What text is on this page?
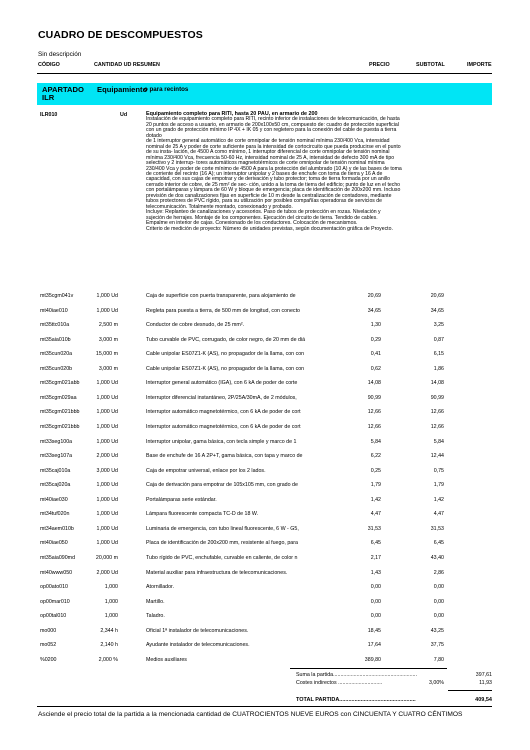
CUADRO DE DESCOMPUESTOS
Sin descripción
CÓDIGO	CANTIDAD UD RESUMEN	PRECIO	SUBTOTAL	IMPORTE
APARTADO ILR
Equipamiento
o para recintos
ILR010	Ud	Equipamiento completo para RITI, hasta 20 PAU, en armario de 200
Instalación de equipamiento completo para RITI, recinto inferior de instalaciones de telecomunicación, de hasta
20 puntos de acceso a usuario, en armario de 200x100x50 cm, compuesto de: cuadro de protección superficial
con un grado de protección mínimo IP 4X + IK 05 y con regletero para la conexión del cable de puesta a tierra
dotado
de 1 interruptor general automático de corte omnipolar de tensión nominal mínima 230/400 Vca, intensidad
nominal de 25 A y poder de corte suficiente para la intensidad de cortocircuito que pueda producirse en el punto
de su insta- lación, de 4500 A como mínimo, 1 interruptor diferencial de corte omnipolar de tensión nominal
mínima 230/400 Vca, frecuencia 50-60 Hz, intensidad nominal de 25 A, intensidad de defecto 300 mA de tipo
selectivo y 2 interrup- tores automáticos magnetotérmicos de corte omnipolar de tensión nominal mínima
230/400 Vca y poder de corte mínimo de 4500 A para la protección del alumbrado (10 A) y de las bases de toma
de corriente del recinto (16 A); un interruptor unipolar y 2 bases de enchufe con toma de tierra y 16 A de
capacidad, con sus cajas de empotrar y de derivación y tubo protector; toma de tierra formada por un anillo
cerrado interior de cobre, de 25 mm² de sec- ción, unido a la toma de tierra del edificio; punto de luz en el techo
con portalámparas y lámpara de 60 W y bloque de emergencia; placa de identificación de 200x200 mm. Incluso
previsión de dos canalizaciones fijas en superficie de 10 m desde la centralización de contadores, mediante
tubos protectores de PVC rígido, para su utilización por posibles compañías operadoras de servicios de
telecomunicación. Totalmente montado, conexionado y probado.
Incluye: Replanteo de canalizaciones y accesorios. Paso de tubos de protección en rozas. Nivelación y
sujeción de herrajes. Montaje de los componentes. Ejecución del circuito de tierra. Tendido de cables.
Empalme en interior de cajas. Conexionado de los conductores. Colocación de mecanismos.
Criterio de medición de proyecto: Número de unidades previstas, según documentación gráfica de Proyecto.
mt35cgm041v	1,000 Ud	Caja de superficie con puerta transparente, para alojamiento de	20,69	20,69
mt40iae010	1,000 Ud	Regleta para puesta a tierra, de 500 mm de longitud, con conecto	34,65	34,65
mt35ttc010a	2,500 m	Conductor de cobre desnudo, de 25 mm².	1,30	3,25
mt35aia010b	3,000 m	Tubo curvable de PVC, corrugado, de color negro, de 20 mm de diá	0,29	0,87
mt35cun020a	15,000 m	Cable unipolar ES07Z1-K (AS), no propagador de la llama, con con	0,41	6,15
mt35cun020b	3,000 m	Cable unipolar ES07Z1-K (AS), no propagador de la llama, con con	0,62	1,86
mt35cgm021abb	1,000 Ud	Interruptor general automático (IGA), con 6 kA de poder de corte	14,08	14,08
mt35cgm029aa	1,000 Ud	Interruptor diferencial instantáneo, 2P/25A/30mA, de 2 módulos,	90,99	90,99
mt35cgm021bbb	1,000 Ud	Interruptor automático magnetotérmico, con 6 kA de poder de cort	12,66	12,66
mt35cgm021bbb	1,000 Ud	Interruptor automático magnetotérmico, con 6 kA de poder de cort	12,66	12,66
mt33seg100a	1,000 Ud	Interruptor unipolar, gama básica, con tecla simple y marco de 1	5,84	5,84
mt33seg107a	2,000 Ud	Base de enchufe de 16 A 2P+T, gama básica, con tapa y marco de	6,22	12,44
mt35caj010a	3,000 Ud	Caja de empotrar universal, enlace por los 2 lados.	0,25	0,75
mt35caj020a	1,000 Ud	Caja de derivación para empotrar de 105x105 mm, con grado de	1,79	1,79
mt40iae030	1,000 Ud	Portalámparas serie estándar.	1,42	1,42
mt34tuf020n	1,000 Ud	Lámpara fluorescente compacta TC-D de 18 W.	4,47	4,47
mt34aem010b	1,000 Ud	Luminaria de emergencia, con tubo lineal fluorescente, 6 W - G5,	31,53	31,53
mt40iae050	1,000 Ud	Placa de identificación de 200x200 mm, resistente al fuego, para	6,45	6,45
mt35aia090md	20,000 m	Tubo rígido de PVC, enchufable, curvable en caliente, de color n	2,17	43,40
mt40www050	2,000 Ud	Material auxiliar para infraestructura de telecomunicaciones.	1,43	2,86
op00ato010	1,000	Atornillador.	0,00	0,00
op00mar010	1,000	Martillo.	0,00	0,00
op00tal010	1,000	Taladro.	0,00	0,00
mo000	2,344 h	Oficial 1ª instalador de telecomunicaciones.	18,45	43,25
mo052	2,140 h	Ayudante instalador de telecomunicaciones.	17,64	37,75
%0200	2,000 %	Medios auxiliares	389,80	7,80
Suma la partida.........................................................	397,61
Costes indirectos ..............................	3,00%	11,93
TOTAL PARTIDA..................................................	409,54
Asciende el precio total de la partida a la mencionada cantidad de CUATROCIENTOS NUEVE EUROS con CINCUENTA Y CUATRO CÉNTIMOS
